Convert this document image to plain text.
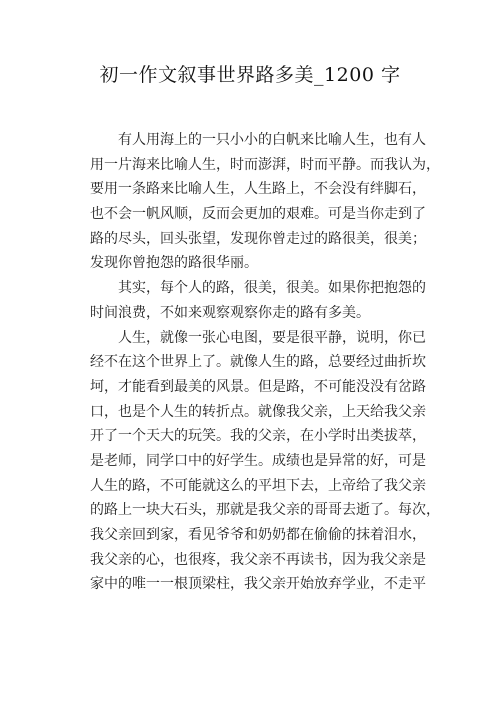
初一作文叙事世界路多美_1200 字
有人用海上的一只小小的白帆来比喻人生，也有人
用一片海来比喻人生，时而澎湃，时而平静。而我认为，
要用一条路来比喻人生，人生路上，不会没有绊脚石，
也不会一帆风顺，反而会更加的艰难。可是当你走到了
路的尽头，回头张望，发现你曾走过的路很美，很美；
发现你曾抱怨的路很华丽。
其实，每个人的路，很美，很美。如果你把抱怨的
时间浪费，不如来观察观察你走的路有多美。
人生，就像一张心电图，要是很平静，说明，你已
经不在这个世界上了。就像人生的路，总要经过曲折坎
坷，才能看到最美的风景。但是路，不可能没没有岔路
口，也是个人生的转折点。就像我父亲，上天给我父亲
开了一个天大的玩笑。我的父亲，在小学时出类拔萃，
是老师，同学口中的好学生。成绩也是异常的好，可是
人生的路，不可能就这么的平坦下去，上帝给了我父亲
的路上一块大石头，那就是我父亲的哥哥去逝了。每次，
我父亲回到家，看见爷爷和奶奶都在偷偷的抹着泪水，
我父亲的心，也很疼，我父亲不再读书，因为我父亲是
家中的唯一一根顶梁柱，我父亲开始放弃学业，不走平
